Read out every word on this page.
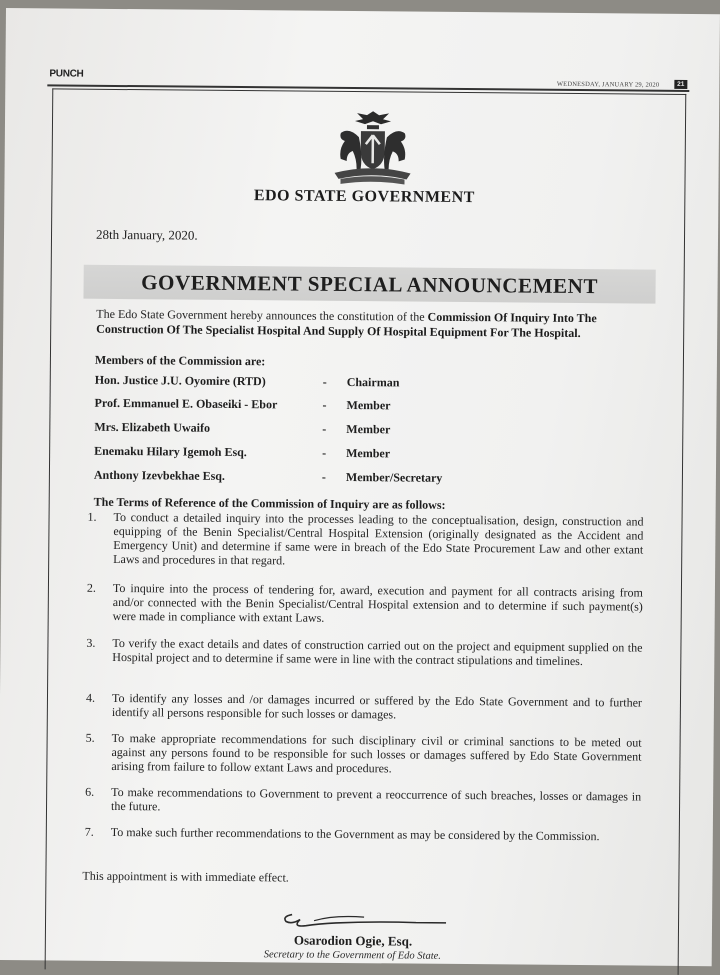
PUNCH
WEDNESDAY, JANUARY 29, 2020	21
EDO STATE GOVERNMENT
28th January, 2020.
GOVERNMENT SPECIAL ANNOUNCEMENT
The Edo State Government hereby announces the constitution of the Commission Of Inquiry Into The Construction Of The Specialist Hospital And Supply Of Hospital Equipment For The Hospital.
Members of the Commission are:
Hon. Justice J.U. Oyomire (RTD)	- Chairman
Prof. Emmanuel E. Obaseiki - Ebor	- Member
Mrs. Elizabeth Uwaifo	- Member
Enemaku Hilary Igemoh Esq.	- Member
Anthony Izevbekhae Esq.	- Member/Secretary
The Terms of Reference of the Commission of Inquiry are as follows:
1.	To conduct a detailed inquiry into the processes leading to the conceptualisation, design, construction and equipping of the Benin Specialist/Central Hospital Extension (originally designated as the Accident and Emergency Unit) and determine if same were in breach of the Edo State Procurement Law and other extant Laws and procedures in that regard.
2.	To inquire into the process of tendering for, award, execution and payment for all contracts arising from and/or connected with the Benin Specialist/Central Hospital extension and to determine if such payment(s) were made in compliance with extant Laws.
3.	To verify the exact details and dates of construction carried out on the project and equipment supplied on the Hospital project and to determine if same were in line with the contract stipulations and timelines.
4.	To identify any losses and /or damages incurred or suffered by the Edo State Government and to further identify all persons responsible for such losses or damages.
5.	To make appropriate recommendations for such disciplinary civil or criminal sanctions to be meted out against any persons found to be responsible for such losses or damages suffered by Edo State Government arising from failure to follow extant Laws and procedures.
6.	To make recommendations to Government to prevent a reoccurrence of such breaches, losses or damages in the future.
7.	To make such further recommendations to the Government as may be considered by the Commission.
This appointment is with immediate effect.
Osarodion Ogie, Esq.
Secretary to the Government of Edo State.
